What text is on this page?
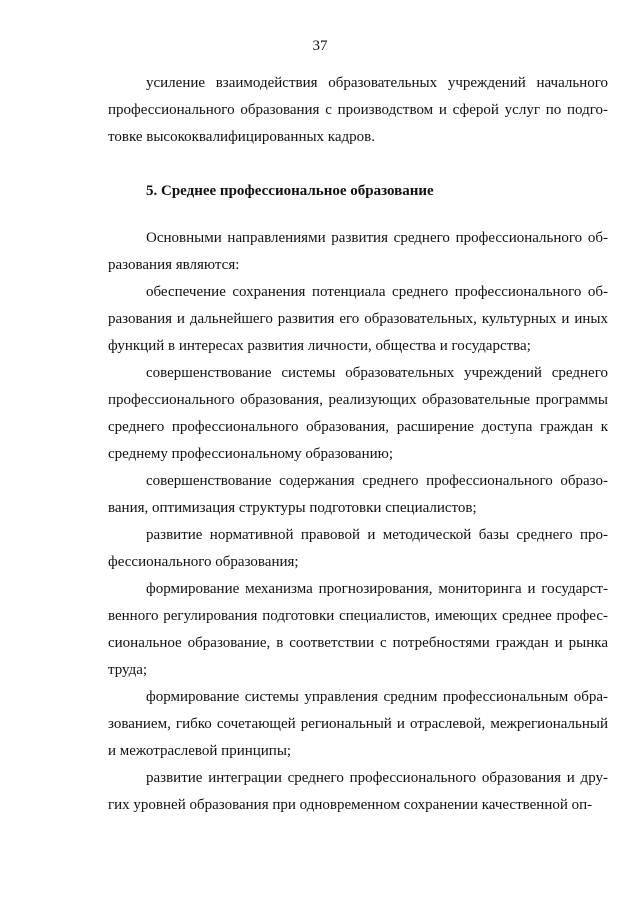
37
усиление взаимодействия образовательных учреждений начального
профессионального образования с производством и сферой услуг по подго-
товке высококвалифицированных кадров.
5. Среднее профессиональное образование
Основными направлениями развития среднего профессионального об-
разования являются:
обеспечение сохранения потенциала среднего профессионального об-
разования и дальнейшего развития его образовательных, культурных и иных
функций в интересах развития личности, общества и государства;
совершенствование системы образовательных учреждений среднего
профессионального образования, реализующих образовательные программы
среднего профессионального образования, расширение доступа граждан к
среднему профессиональному образованию;
совершенствование содержания среднего профессионального образо-
вания, оптимизация структуры подготовки специалистов;
развитие нормативной правовой и методической базы среднего про-
фессионального образования;
формирование механизма прогнозирования, мониторинга и государст-
венного регулирования подготовки специалистов, имеющих среднее профес-
сиональное образование, в соответствии с потребностями граждан и рынка
труда;
формирование системы управления средним профессиональным обра-
зованием, гибко сочетающей региональный и отраслевой, межрегиональный
и межотраслевой принципы;
развитие интеграции среднего профессионального образования и дру-
гих уровней образования при одновременном сохранении качественной оп-
